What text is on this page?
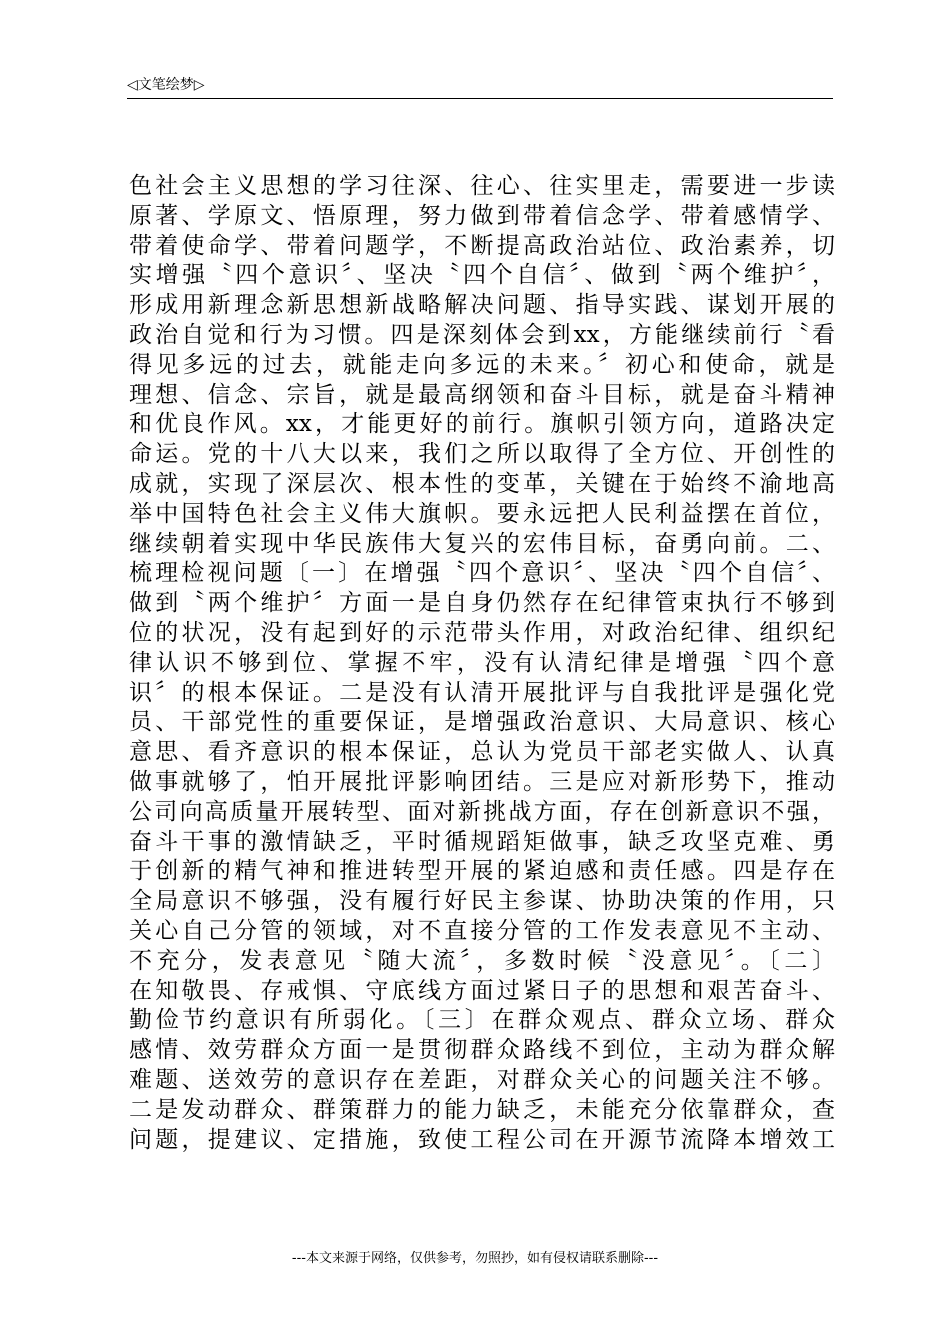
◁文笔绘梦▷
色社会主义思想的学习往深、往心、往实里走，需要进一步读
原著、学原文、悟原理，努力做到带着信念学、带着感情学、
带着使命学、带着问题学，不断提高政治站位、政治素养，切
实增强〝四个意识〞、坚决〝四个自信〞、做到〝两个维护〞，
形成用新理念新思想新战略解决问题、指导实践、谋划开展的
政治自觉和行为习惯。四是深刻体会到xx，方能继续前行〝看
得见多远的过去，就能走向多远的未来。〞初心和使命，就是
理想、信念、宗旨，就是最高纲领和奋斗目标，就是奋斗精神
和优良作风。xx，才能更好的前行。旗帜引领方向，道路决定
命运。党的十八大以来，我们之所以取得了全方位、开创性的
成就，实现了深层次、根本性的变革，关键在于始终不渝地高
举中国特色社会主义伟大旗帜。要永远把人民利益摆在首位，
继续朝着实现中华民族伟大复兴的宏伟目标，奋勇向前。二、
梳理检视问题〔一〕在增强〝四个意识〞、坚决〝四个自信〞、
做到〝两个维护〞方面一是自身仍然存在纪律管束执行不够到
位的状况，没有起到好的示范带头作用，对政治纪律、组织纪
律认识不够到位、掌握不牢，没有认清纪律是增强〝四个意
识〞的根本保证。二是没有认清开展批评与自我批评是强化党
员、干部党性的重要保证，是增强政治意识、大局意识、核心
意思、看齐意识的根本保证，总认为党员干部老实做人、认真
做事就够了，怕开展批评影响团结。三是应对新形势下，推动
公司向高质量开展转型、面对新挑战方面，存在创新意识不强，
奋斗干事的激情缺乏，平时循规蹈矩做事，缺乏攻坚克难、勇
于创新的精气神和推进转型开展的紧迫感和责任感。四是存在
全局意识不够强，没有履行好民主参谋、协助决策的作用，只
关心自己分管的领域，对不直接分管的工作发表意见不主动、
不充分，发表意见〝随大流〞，多数时候〝没意见〞。〔二〕
在知敬畏、存戒惧、守底线方面过紧日子的思想和艰苦奋斗、
勤俭节约意识有所弱化。〔三〕在群众观点、群众立场、群众
感情、效劳群众方面一是贯彻群众路线不到位，主动为群众解
难题、送效劳的意识存在差距，对群众关心的问题关注不够。
二是发动群众、群策群力的能力缺乏，未能充分依靠群众，查
问题，提建议、定措施，致使工程公司在开源节流降本增效工
---本文来源于网络，仅供参考，勿照抄，如有侵权请联系删除---
